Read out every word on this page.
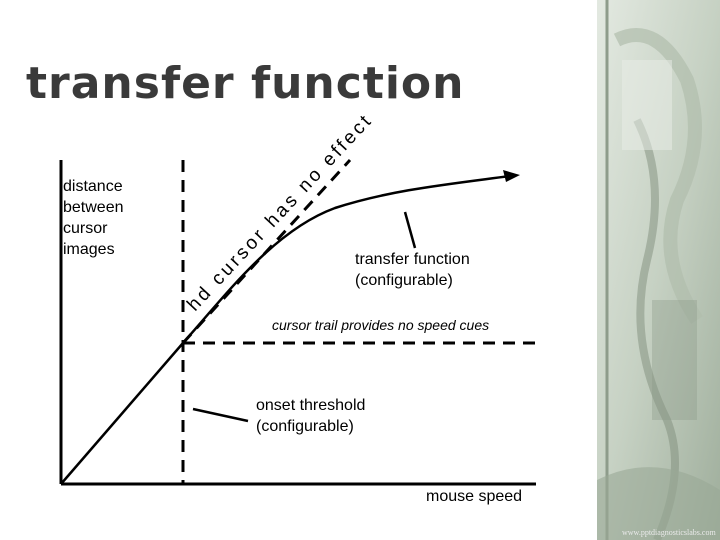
transfer function
distance
between
cursor
images	hd cursor has no effect
transfer function
(configurable)
cursor trail provides no speed cues
onset threshold
(configurable)
mouse speed
www.pptdiagnosticslabs.com
